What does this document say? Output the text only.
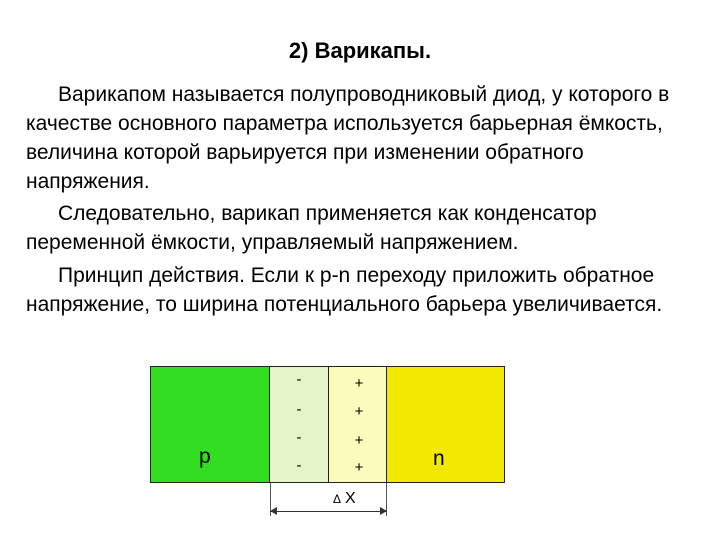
2) Варикапы.

Варикапом называется полупроводниковый диод, у которого в качестве основного параметра используется барьерная ёмкость, величина которой варьируется при изменении обратного напряжения.

Следовательно, варикап применяется как конденсатор переменной ёмкости, управляемый напряжением.

Принцип действия. Если к p-n переходу приложить обратное напряжение, то ширина потенциального барьера увеличивается.

p
-
-
-
-
+
+
+
+	n
Δ X
